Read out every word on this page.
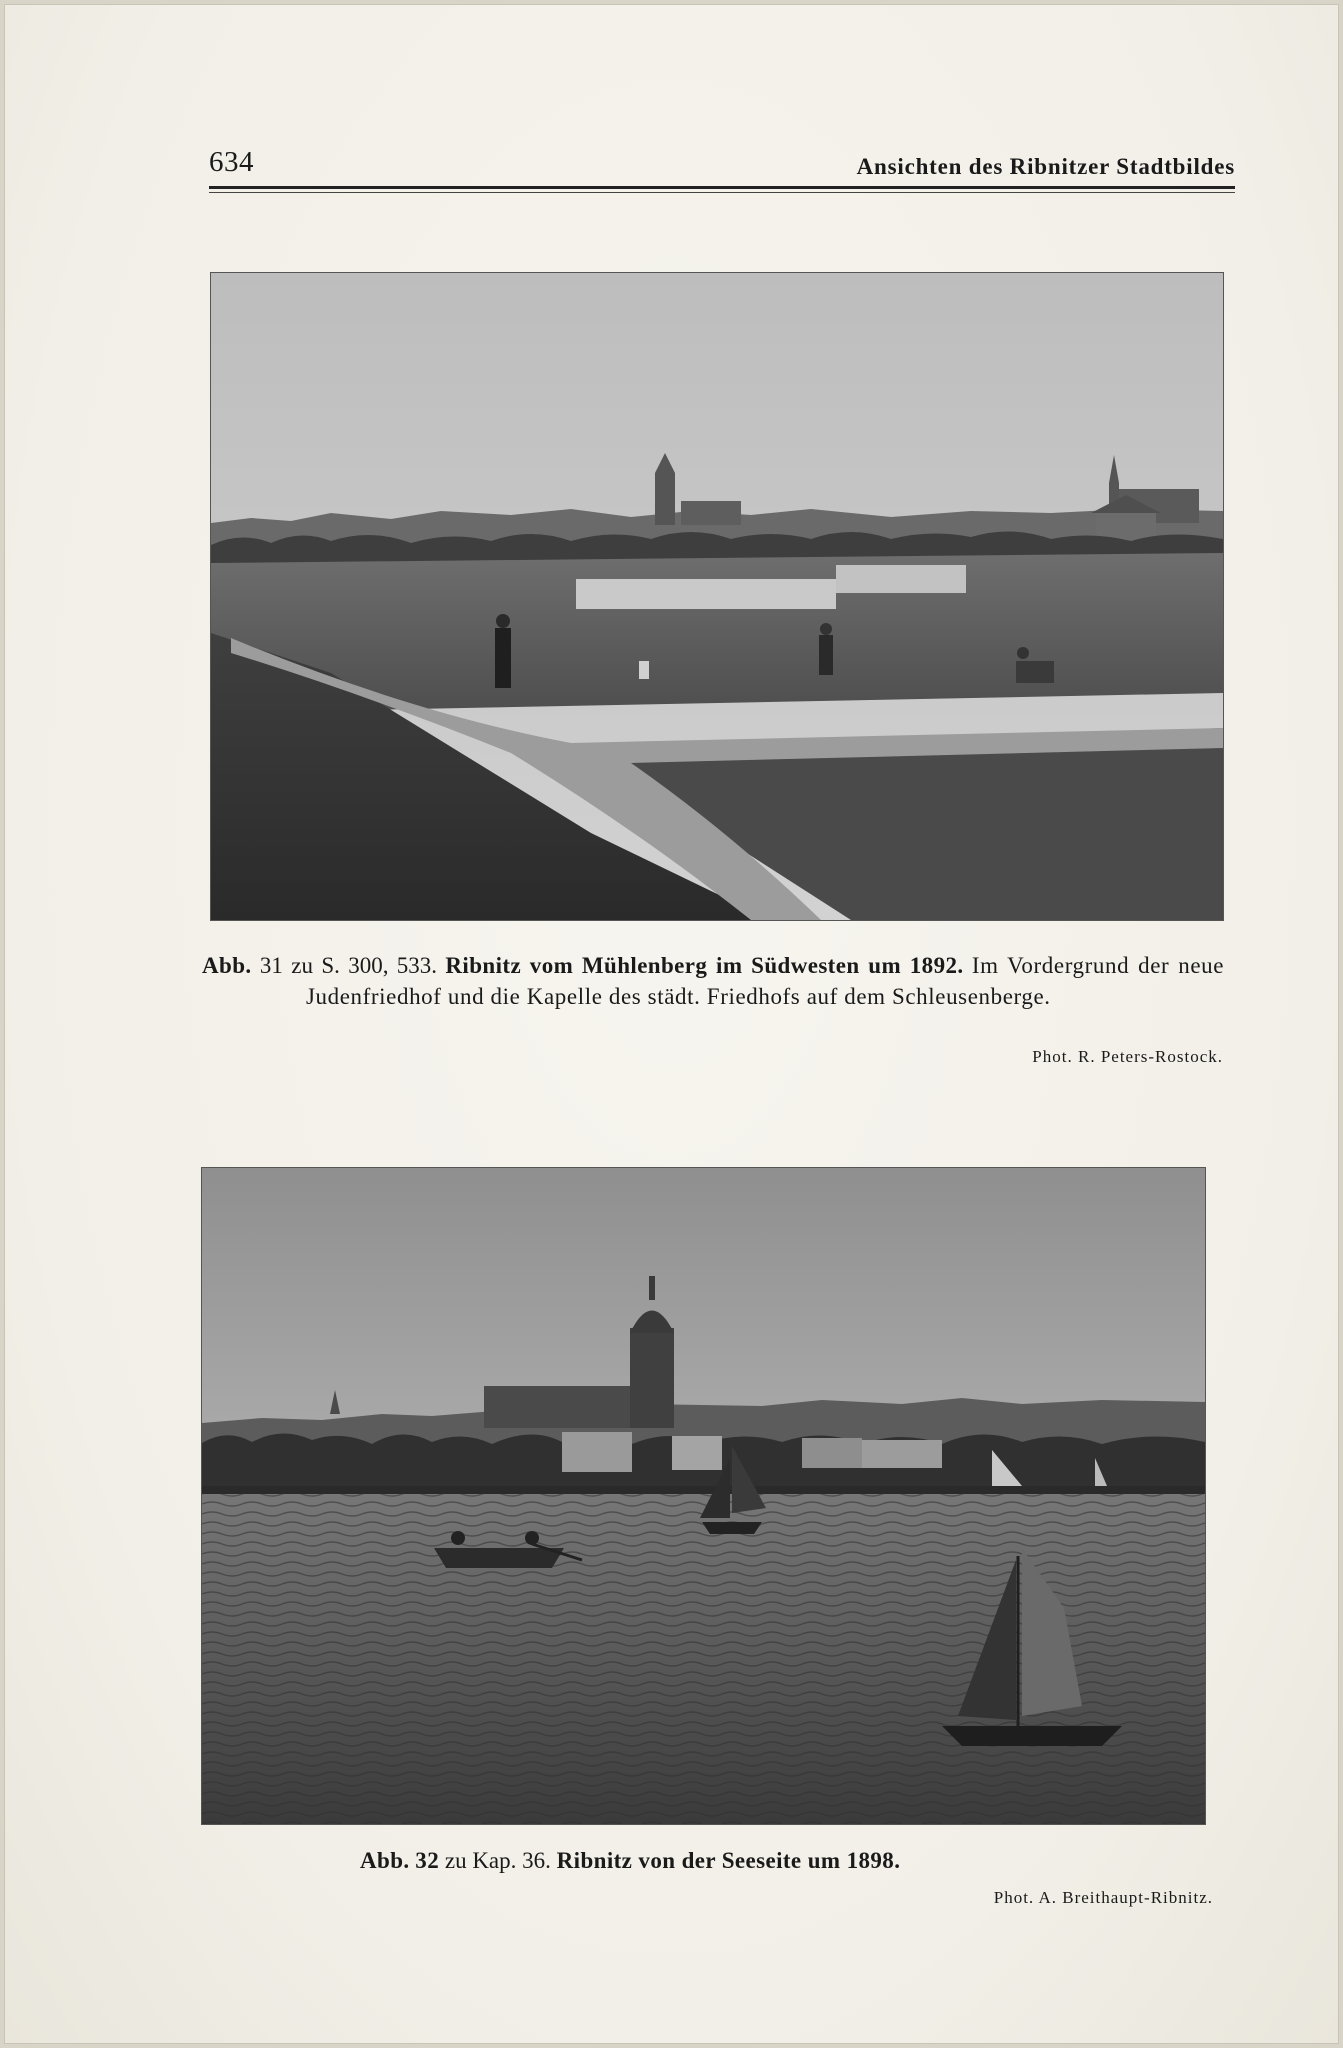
634	Ansichten des Ribnitzer Stadtbildes
Abb. 31 zu S. 300, 533. Ribnitz vom Mühlenberg im Südwesten um 1892. Im Vordergrund der neue Judenfriedhof und die Kapelle des städt. Friedhofs auf dem Schleusenberge.
Phot. R. Peters-Rostock.
Abb. 32 zu Kap. 36. Ribnitz von der Seeseite um 1898.
Phot. A. Breithaupt-Ribnitz.
